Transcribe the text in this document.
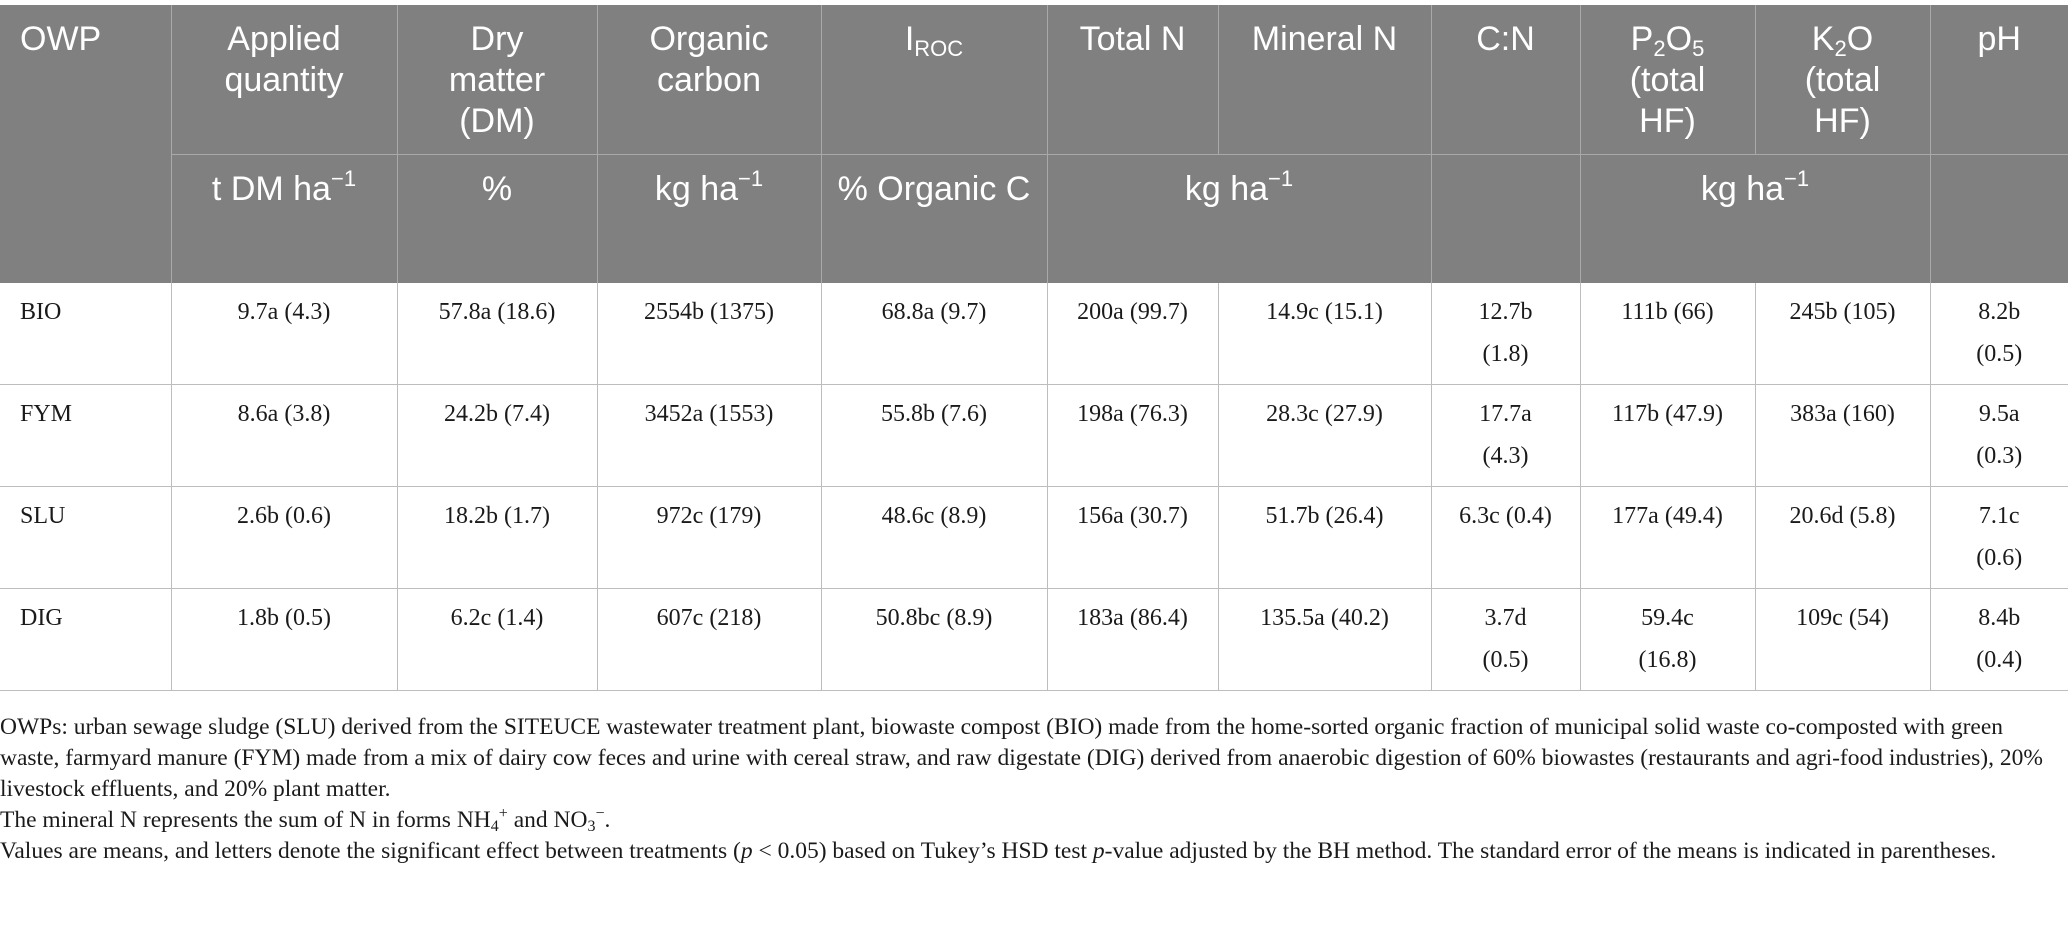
OWP	Applied quantity	Dry
matter
(DM)	Organic carbon	$I_{ROC}$	Total N	Mineral N	C:N	$P_2O_5$
(total
HF)	$K_2O$
(total
HF)	pH
	t DM $ha^{-1}$	%	kg $ha^{-1}$	% Organic C	kg $ha^{-1}$			kg $ha^{-1}$	
BIO	9.7a (4.3)	57.8a (18.6)	2554b (1375)	68.8a (9.7)	200a (99.7)	14.9c (15.1)	12.7b
(1.8)	111b (66)	245b (105)	8.2b
(0.5)
FYM	8.6a (3.8)	24.2b (7.4)	3452a (1553)	55.8b (7.6)	198a (76.3)	28.3c (27.9)	17.7a
(4.3)	117b (47.9)	383a (160)	9.5a
(0.3)
SLU	2.6b (0.6)	18.2b (1.7)	972c (179)	48.6c (8.9)	156a (30.7)	51.7b (26.4)	6.3c (0.4)	177a (49.4)	20.6d (5.8)	7.1c
(0.6)
DIG	1.8b (0.5)	6.2c (1.4)	607c (218)	50.8bc (8.9)	183a (86.4)	135.5a (40.2)	3.7d
(0.5)	59.4c
(16.8)	109c (54)	8.4b
(0.4)

OWPs: urban sewage sludge (SLU) derived from the SITEUCE wastewater treatment plant, biowaste compost (BIO) made from the home-sorted organic fraction of municipal solid waste co-composted with green waste, farmyard manure (FYM) made from a mix of dairy cow feces and urine with cereal straw, and raw digestate (DIG) derived from anaerobic digestion of 60% biowastes (restaurants and agri-food industries), 20% livestock effluents, and 20% plant matter.

The mineral N represents the sum of N in forms NH4+ and NO3−.

Values are means, and letters denote the significant effect between treatments (p < 0.05) based on Tukey’s HSD test p-value adjusted by the BH method. The standard error of the means is indicated in parentheses.
